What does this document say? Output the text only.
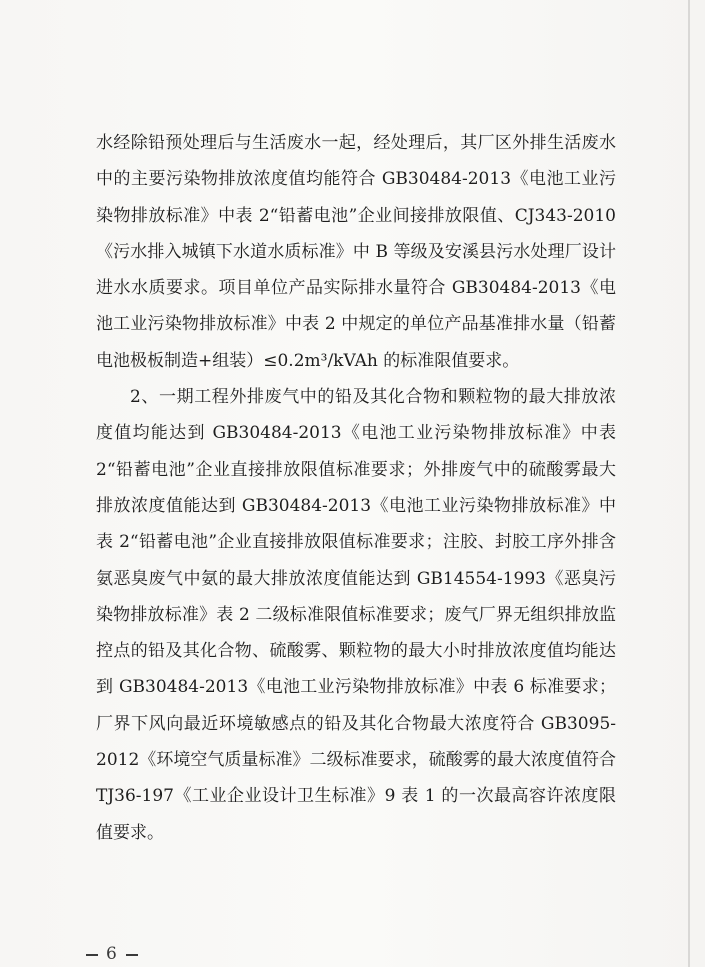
水经除铅预处理后与生活废水一起，经处理后，其厂区外排生活废水中的主要污染物排放浓度值均能符合 GB30484-2013《电池工业污染物排放标准》中表 2“铅蓄电池”企业间接排放限值、CJ343-2010《污水排入城镇下水道水质标准》中 B 等级及安溪县污水处理厂设计进水水质要求。项目单位产品实际排水量符合 GB30484-2013《电池工业污染物排放标准》中表 2 中规定的单位产品基准排水量（铅蓄电池极板制造+组装）≤0.2m³/kVAh 的标准限值要求。

2、一期工程外排废气中的铅及其化合物和颗粒物的最大排放浓度值均能达到 GB30484-2013《电池工业污染物排放标准》中表 2“铅蓄电池”企业直接排放限值标准要求；外排废气中的硫酸雾最大排放浓度值能达到 GB30484-2013《电池工业污染物排放标准》中表 2“铅蓄电池”企业直接排放限值标准要求；注胶、封胶工序外排含氨恶臭废气中氨的最大排放浓度值能达到 GB14554-1993《恶臭污染物排放标准》表 2 二级标准限值标准要求；废气厂界无组织排放监控点的铅及其化合物、硫酸雾、颗粒物的最大小时排放浓度值均能达到 GB30484-2013《电池工业污染物排放标准》中表 6 标准要求；厂界下风向最近环境敏感点的铅及其化合物最大浓度符合 GB3095-2012《环境空气质量标准》二级标准要求，硫酸雾的最大浓度值符合 TJ36-197《工业企业设计卫生标准》9 表 1 的一次最高容许浓度限值要求。

6
